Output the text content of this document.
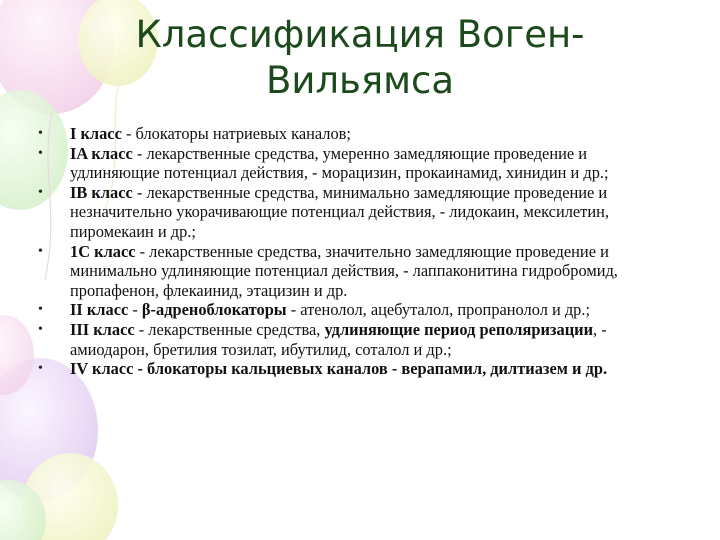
Классификация Воген-
Вильямса
• I класс - блокаторы натриевых каналов;
• IA класс - лекарственные средства, умеренно замедляющие проведение и удлиняющие потенциал действия, - морацизин, прокаинамид, хинидин и др.;
• IB класс - лекарственные средства, минимально замедляющие проведение и незначительно укорачивающие потенциал действия, - лидокаин, мексилетин, пиромекаин и др.;
• 1C класс - лекарственные средства, значительно замедляющие проведение и минимально удлиняющие потенциал действия, - лаппаконитина гидробромид, пропафенон, флекаинид, этацизин и др.
• II класс - β-адреноблокаторы - атенолол, ацебуталол, пропранолол и др.;
• III класс - лекарственные средства, удлиняющие период реполяризации, - амиодарон, бретилия тозилат, ибутилид, соталол и др.;
• IV класс - блокаторы кальциевых каналов - верапамил, дилтиазем и др.
